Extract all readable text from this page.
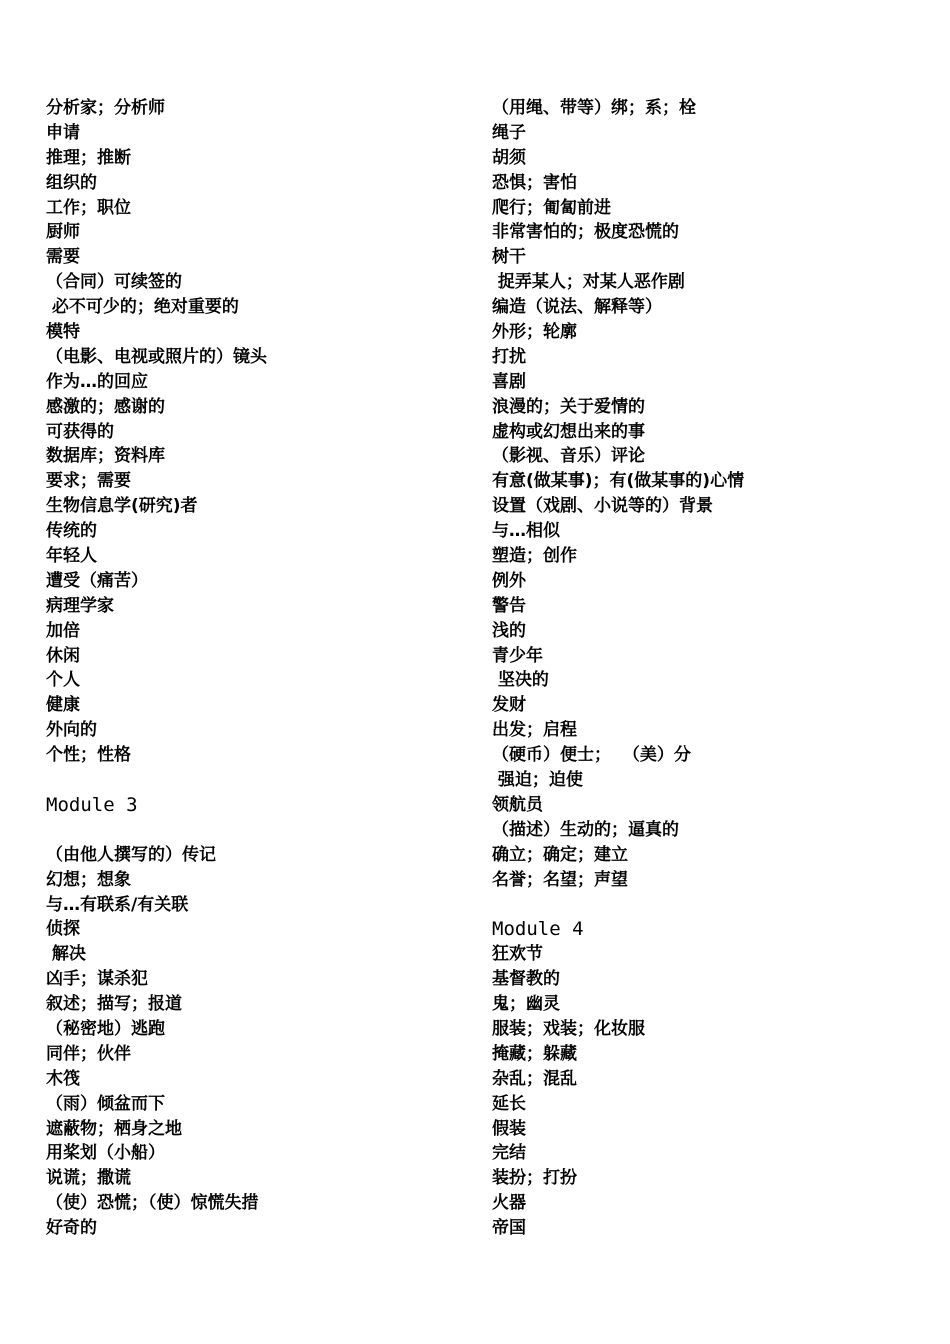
分析家；分析师
申请
推理；推断
组织的
工作；职位
厨师
需要
（合同）可续签的
必不可少的；绝对重要的
模特
（电影、电视或照片的）镜头
作为…的回应
感激的；感谢的
可获得的
数据库；资料库
要求；需要
生物信息学(研究)者
传统的
年轻人
遭受（痛苦）
病理学家
加倍
休闲
个人
健康
外向的
个性；性格
Module 3
（由他人撰写的）传记
幻想；想象
与…有联系/有关联
侦探
解决
凶手；谋杀犯
叙述；描写；报道
（秘密地）逃跑
同伴；伙伴
木筏
（雨）倾盆而下
遮蔽物；栖身之地
用桨划（小船）
说谎；撒谎
（使）恐慌；（使）惊慌失措
好奇的
（用绳、带等）绑；系；栓
绳子
胡须
恐惧；害怕
爬行；匍匐前进
非常害怕的；极度恐慌的
树干
捉弄某人；对某人恶作剧
编造（说法、解释等）
外形；轮廓
打扰
喜剧
浪漫的；关于爱情的
虚构或幻想出来的事
（影视、音乐）评论
有意(做某事)；有(做某事的)心情
设置（戏剧、小说等的）背景
与…相似
塑造；创作
例外
警告
浅的
青少年
坚决的
发财
出发；启程
（硬币）便士；  （美）分
强迫；迫使
领航员
（描述）生动的；逼真的
确立；确定；建立
名誉；名望；声望
Module 4
狂欢节
基督教的
鬼；幽灵
服装；戏装；化妆服
掩藏；躲藏
杂乱；混乱
延长
假装
完结
装扮；打扮
火器
帝国
